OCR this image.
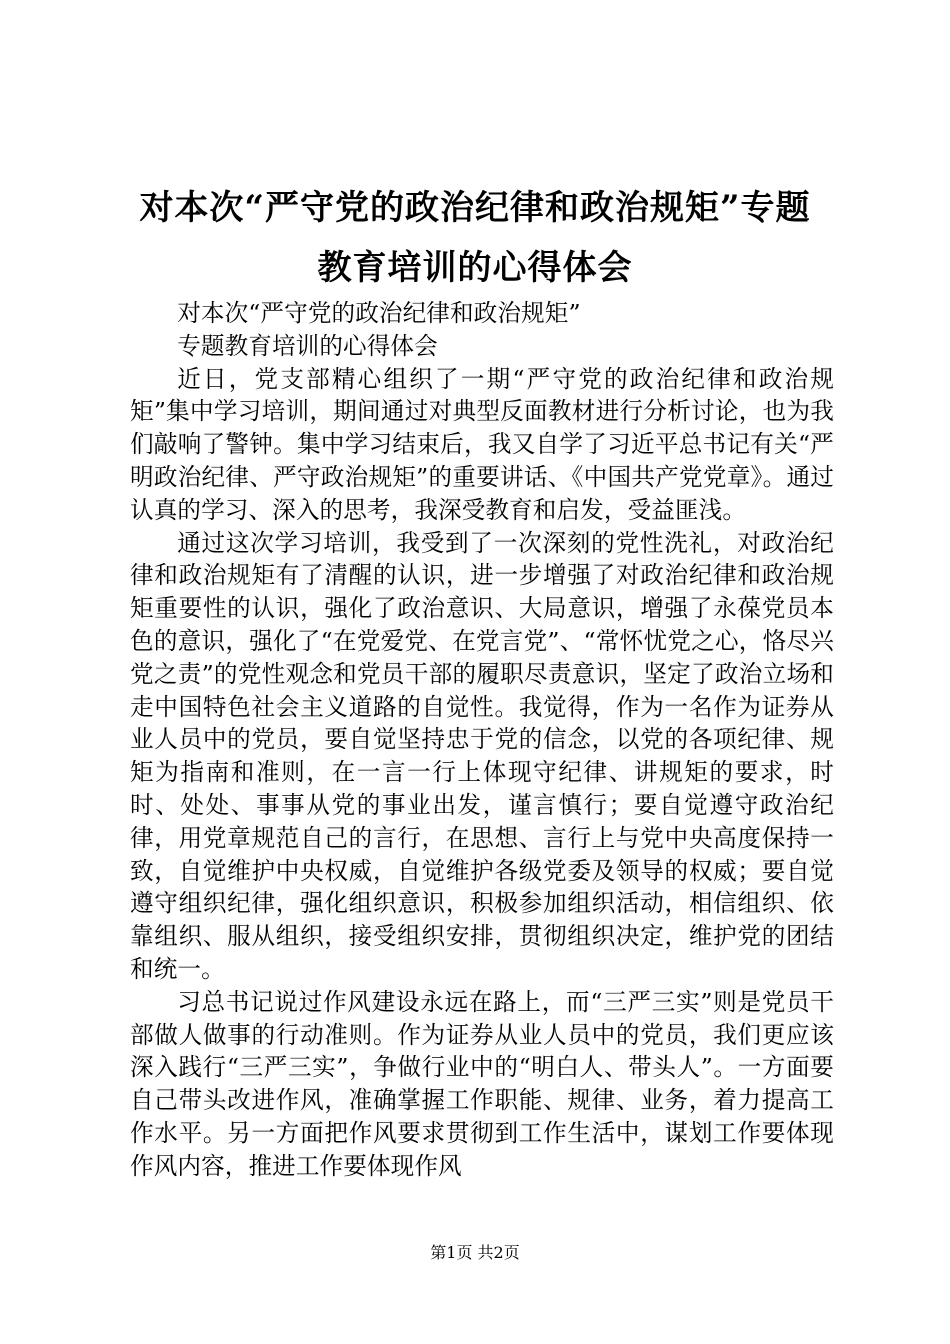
对本次“严守党的政治纪律和政治规矩”专题
教育培训的心得体会

对本次“严守党的政治纪律和政治规矩”

专题教育培训的心得体会

近日，党支部精心组织了一期“严守党的政治纪律和政治规矩”集中学习培训，期间通过对典型反面教材进行分析讨论，也为我们敲响了警钟。集中学习结束后，我又自学了习近平总书记有关“严明政治纪律、严守政治规矩”的重要讲话、《中国共产党党章》。通过认真的学习、深入的思考，我深受教育和启发，受益匪浅。

通过这次学习培训，我受到了一次深刻的党性洗礼，对政治纪律和政治规矩有了清醒的认识，进一步增强了对政治纪律和政治规矩重要性的认识，强化了政治意识、大局意识，增强了永葆党员本色的意识，强化了“在党爱党、在党言党”、“常怀忧党之心，恪尽兴党之责”的党性观念和党员干部的履职尽责意识，坚定了政治立场和走中国特色社会主义道路的自觉性。我觉得，作为一名作为证券从业人员中的党员，要自觉坚持忠于党的信念，以党的各项纪律、规矩为指南和准则，在一言一行上体现守纪律、讲规矩的要求，时时、处处、事事从党的事业出发，谨言慎行；要自觉遵守政治纪律，用党章规范自己的言行，在思想、言行上与党中央高度保持一致，自觉维护中央权威，自觉维护各级党委及领导的权威；要自觉遵守组织纪律，强化组织意识，积极参加组织活动，相信组织、依靠组织、服从组织，接受组织安排，贯彻组织决定，维护党的团结和统一。

习总书记说过作风建设永远在路上，而“三严三实”则是党员干部做人做事的行动准则。作为证券从业人员中的党员，我们更应该深入践行“三严三实”，争做行业中的“明白人、带头人”。一方面要自己带头改进作风，准确掌握工作职能、规律、业务，着力提高工作水平。另一方面把作风要求贯彻到工作生活中，谋划工作要体现作风内容，推进工作要体现作风

第1页 共2页
